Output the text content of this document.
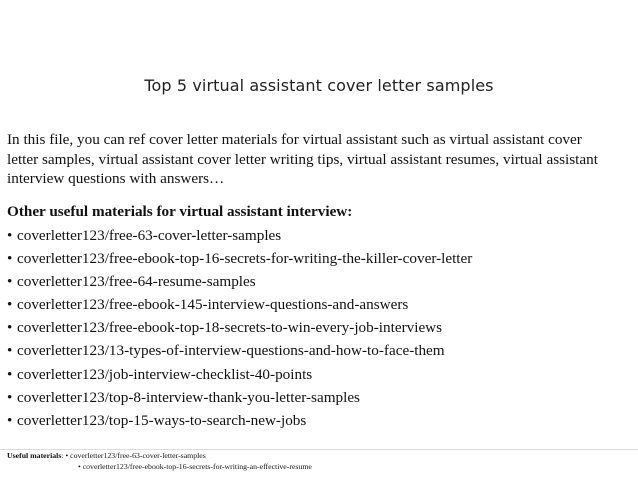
Top 5 virtual assistant cover letter samples
In this file, you can ref cover letter materials for virtual assistant such as virtual assistant cover
letter samples, virtual assistant cover letter writing tips, virtual assistant resumes, virtual assistant
interview questions with answers…
Other useful materials for virtual assistant interview:
• coverletter123/free-63-cover-letter-samples
• coverletter123/free-ebook-top-16-secrets-for-writing-the-killer-cover-letter
• coverletter123/free-64-resume-samples
• coverletter123/free-ebook-145-interview-questions-and-answers
• coverletter123/free-ebook-top-18-secrets-to-win-every-job-interviews
• coverletter123/13-types-of-interview-questions-and-how-to-face-them
• coverletter123/job-interview-checklist-40-points
• coverletter123/top-8-interview-thank-you-letter-samples
• coverletter123/top-15-ways-to-search-new-jobs
Useful materials: • coverletter123/free-63-cover-letter-samples
• coverletter123/free-ebook-top-16-secrets-for-writing-an-effective-resume
